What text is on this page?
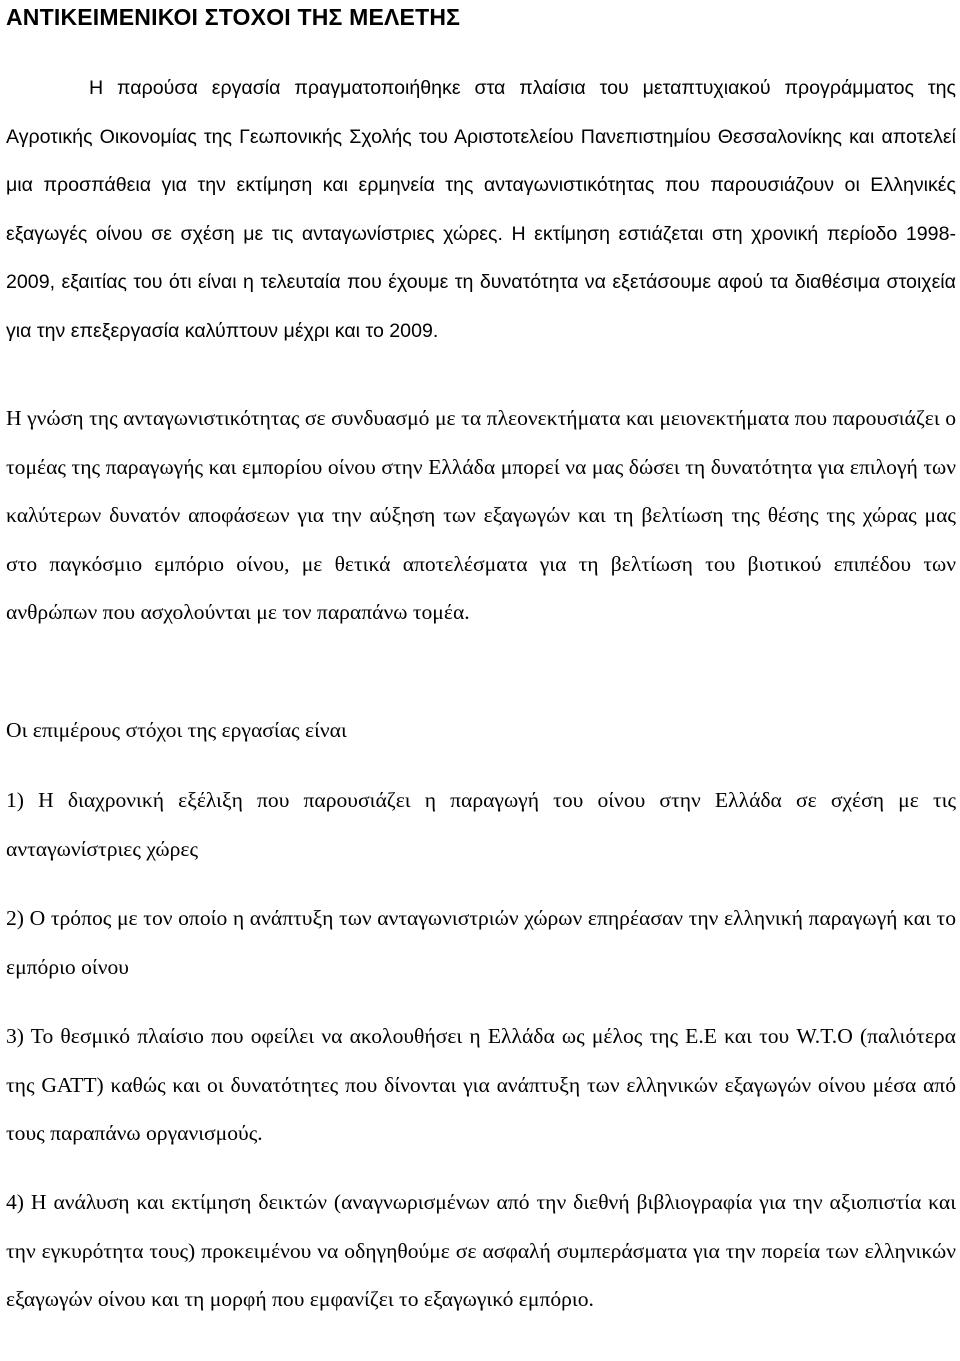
ΑΝΤΙΚΕΙΜΕΝΙΚΟΙ ΣΤΟΧΟΙ ΤΗΣ ΜΕΛΕΤΗΣ

Η παρούσα εργασία πραγματοποιήθηκε στα πλαίσια του μεταπτυχιακού προγράμματος της Αγροτικής Οικονομίας της Γεωπονικής Σχολής του Αριστοτελείου Πανεπιστημίου Θεσσαλονίκης και αποτελεί μια προσπάθεια για την εκτίμηση και ερμηνεία της ανταγωνιστικότητας που παρουσιάζουν οι Ελληνικές εξαγωγές οίνου σε σχέση με τις ανταγωνίστριες χώρες. Η εκτίμηση εστιάζεται στη χρονική περίοδο 1998-2009, εξαιτίας του ότι είναι η τελευταία που έχουμε τη δυνατότητα να εξετάσουμε αφού τα διαθέσιμα στοιχεία για την επεξεργασία καλύπτουν μέχρι και το 2009.

Η γνώση της ανταγωνιστικότητας σε συνδυασμό με τα πλεονεκτήματα και μειονεκτήματα που παρουσιάζει ο τομέας της παραγωγής και εμπορίου οίνου στην Ελλάδα μπορεί να μας δώσει τη δυνατότητα για επιλογή των καλύτερων δυνατόν αποφάσεων για την αύξηση των εξαγωγών και τη βελτίωση της θέσης της χώρας μας στο παγκόσμιο εμπόριο οίνου, με θετικά αποτελέσματα για τη βελτίωση του βιοτικού επιπέδου των ανθρώπων που ασχολούνται με τον παραπάνω τομέα.

Οι επιμέρους στόχοι της εργασίας είναι

1) Η διαχρονική εξέλιξη που παρουσιάζει η παραγωγή του οίνου στην Ελλάδα σε σχέση με τις ανταγωνίστριες χώρες

2) Ο τρόπος με τον οποίο η ανάπτυξη των ανταγωνιστριών χώρων επηρέασαν την ελληνική παραγωγή και το εμπόριο οίνου

3) Το θεσμικό πλαίσιο που οφείλει να ακολουθήσει η Ελλάδα ως μέλος της Ε.Ε και του W.T.O (παλιότερα της GATT) καθώς και οι δυνατότητες που δίνονται για ανάπτυξη των ελληνικών εξαγωγών οίνου μέσα από τους παραπάνω οργανισμούς.

4) Η ανάλυση και εκτίμηση δεικτών (αναγνωρισμένων από την διεθνή βιβλιογραφία για την αξιοπιστία και την εγκυρότητα τους) προκειμένου να οδηγηθούμε σε ασφαλή συμπεράσματα για την πορεία των ελληνικών εξαγωγών οίνου και τη μορφή που εμφανίζει το εξαγωγικό εμπόριο.
